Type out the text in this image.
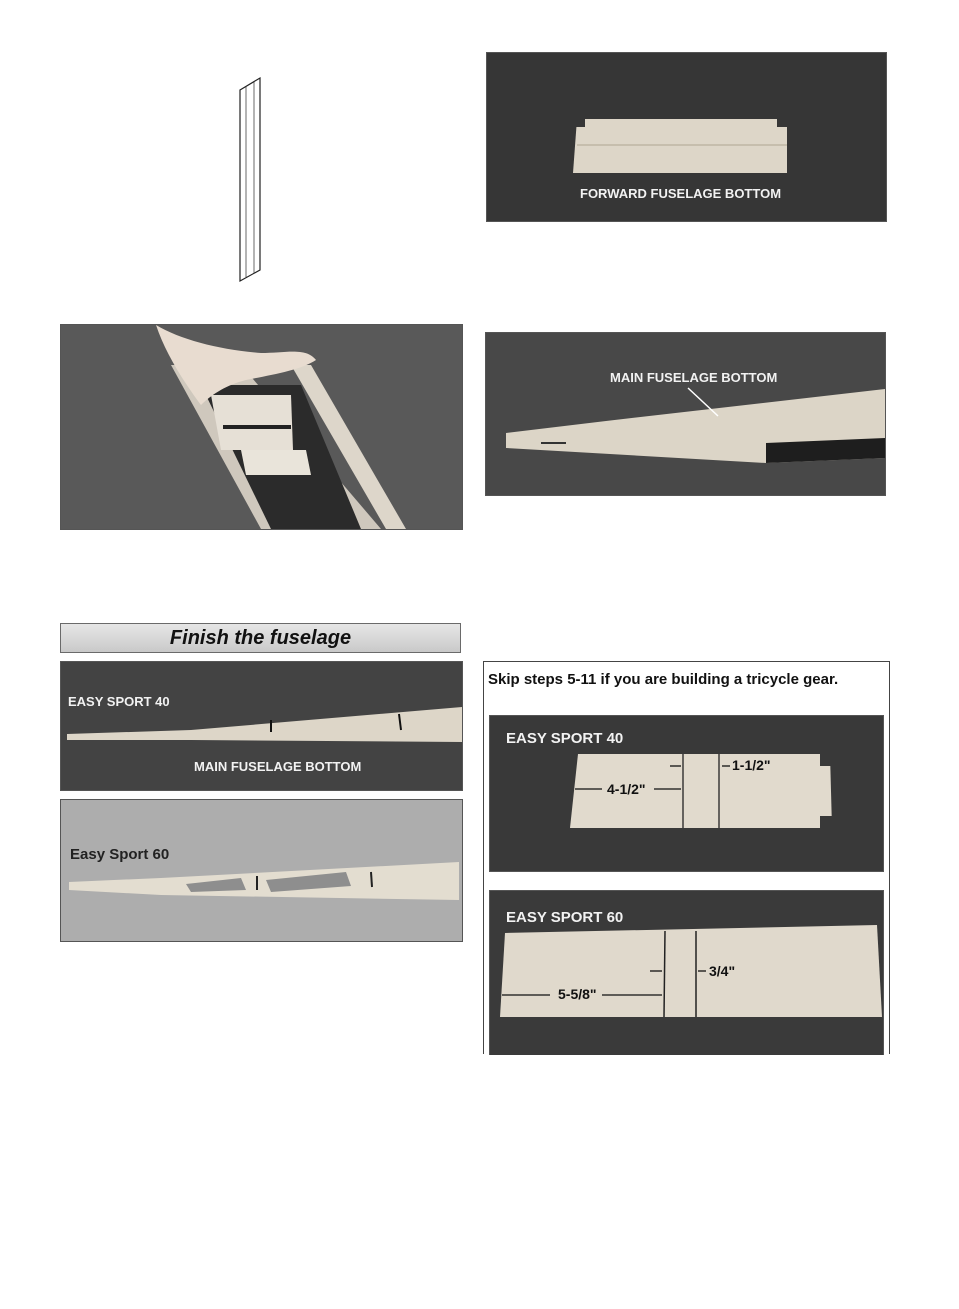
FORWARD FUSELAGE BOTTOM
MAIN FUSELAGE BOTTOM
Finish the fuselage
EASY SPORT 40
MAIN FUSELAGE BOTTOM
Easy Sport 60
Skip steps 5-11 if you are building a tricycle gear.
EASY SPORT 40
4-1/2"
1-1/2"
EASY SPORT 60
5-5/8"
3/4"
